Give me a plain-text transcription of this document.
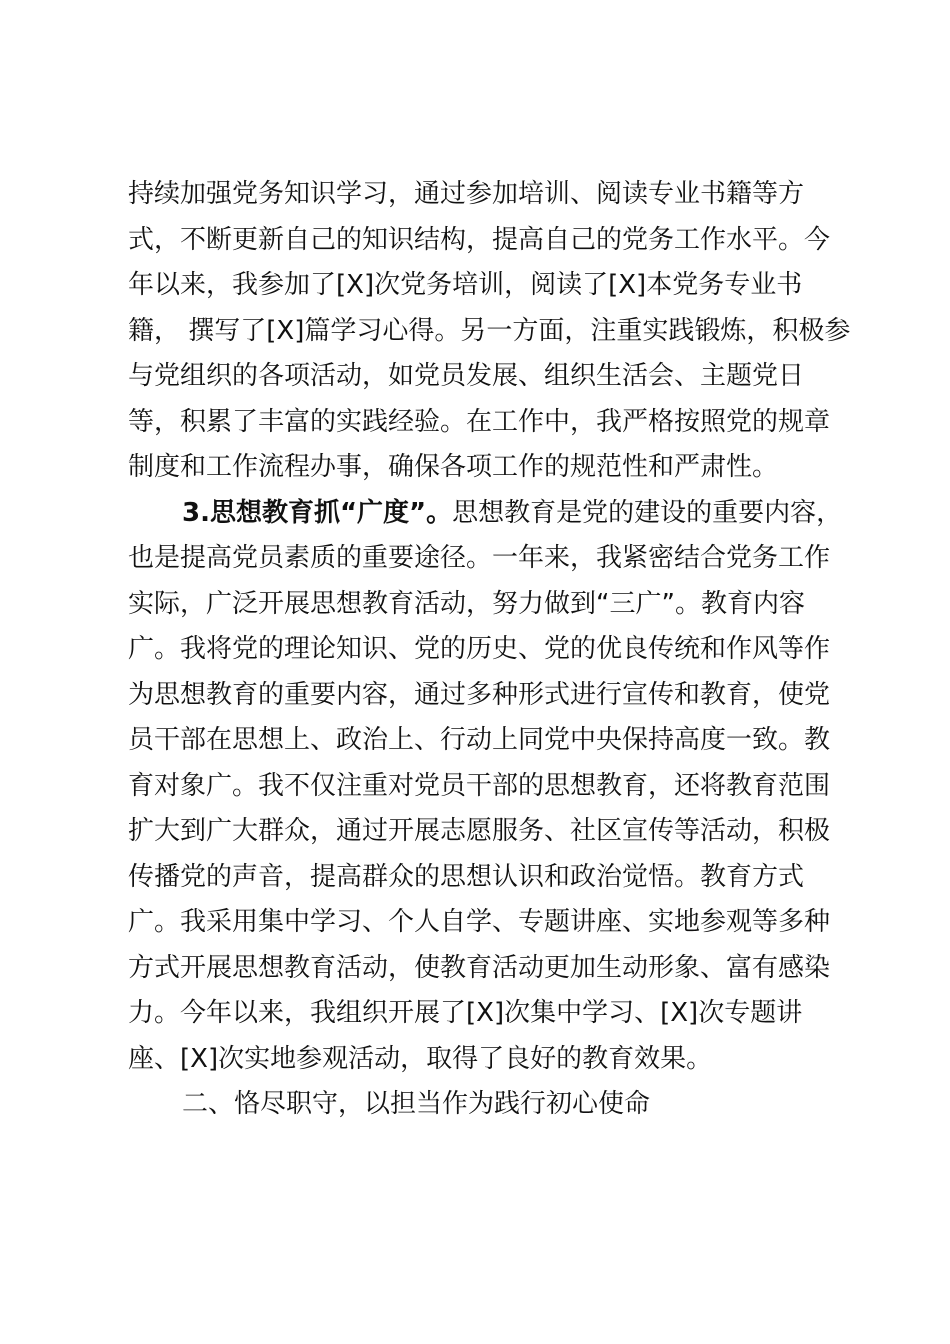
持续加强党务知识学习，通过参加培训、阅读专业书籍等方
式，不断更新自己的知识结构，提高自己的党务工作水平。今
年以来，我参加了[X]次党务培训，阅读了[X]本党务专业书
籍， 撰写了[X]篇学习心得。另一方面，注重实践锻炼，积极参
与党组织的各项活动，如党员发展、组织生活会、主题党日
等，积累了丰富的实践经验。在工作中，我严格按照党的规章
制度和工作流程办事，确保各项工作的规范性和严肃性。
3.思想教育抓“广度”。思想教育是党的建设的重要内容，
也是提高党员素质的重要途径。一年来，我紧密结合党务工作
实际，广泛开展思想教育活动，努力做到“三广”。教育内容
广。我将党的理论知识、党的历史、党的优良传统和作风等作
为思想教育的重要内容，通过多种形式进行宣传和教育，使党
员干部在思想上、政治上、行动上同党中央保持高度一致。教
育对象广。我不仅注重对党员干部的思想教育，还将教育范围
扩大到广大群众，通过开展志愿服务、社区宣传等活动，积极
传播党的声音，提高群众的思想认识和政治觉悟。教育方式
广。我采用集中学习、个人自学、专题讲座、实地参观等多种
方式开展思想教育活动，使教育活动更加生动形象、富有感染
力。今年以来，我组织开展了[X]次集中学习、[X]次专题讲
座、[X]次实地参观活动，取得了良好的教育效果。
二、恪尽职守，以担当作为践行初心使命
